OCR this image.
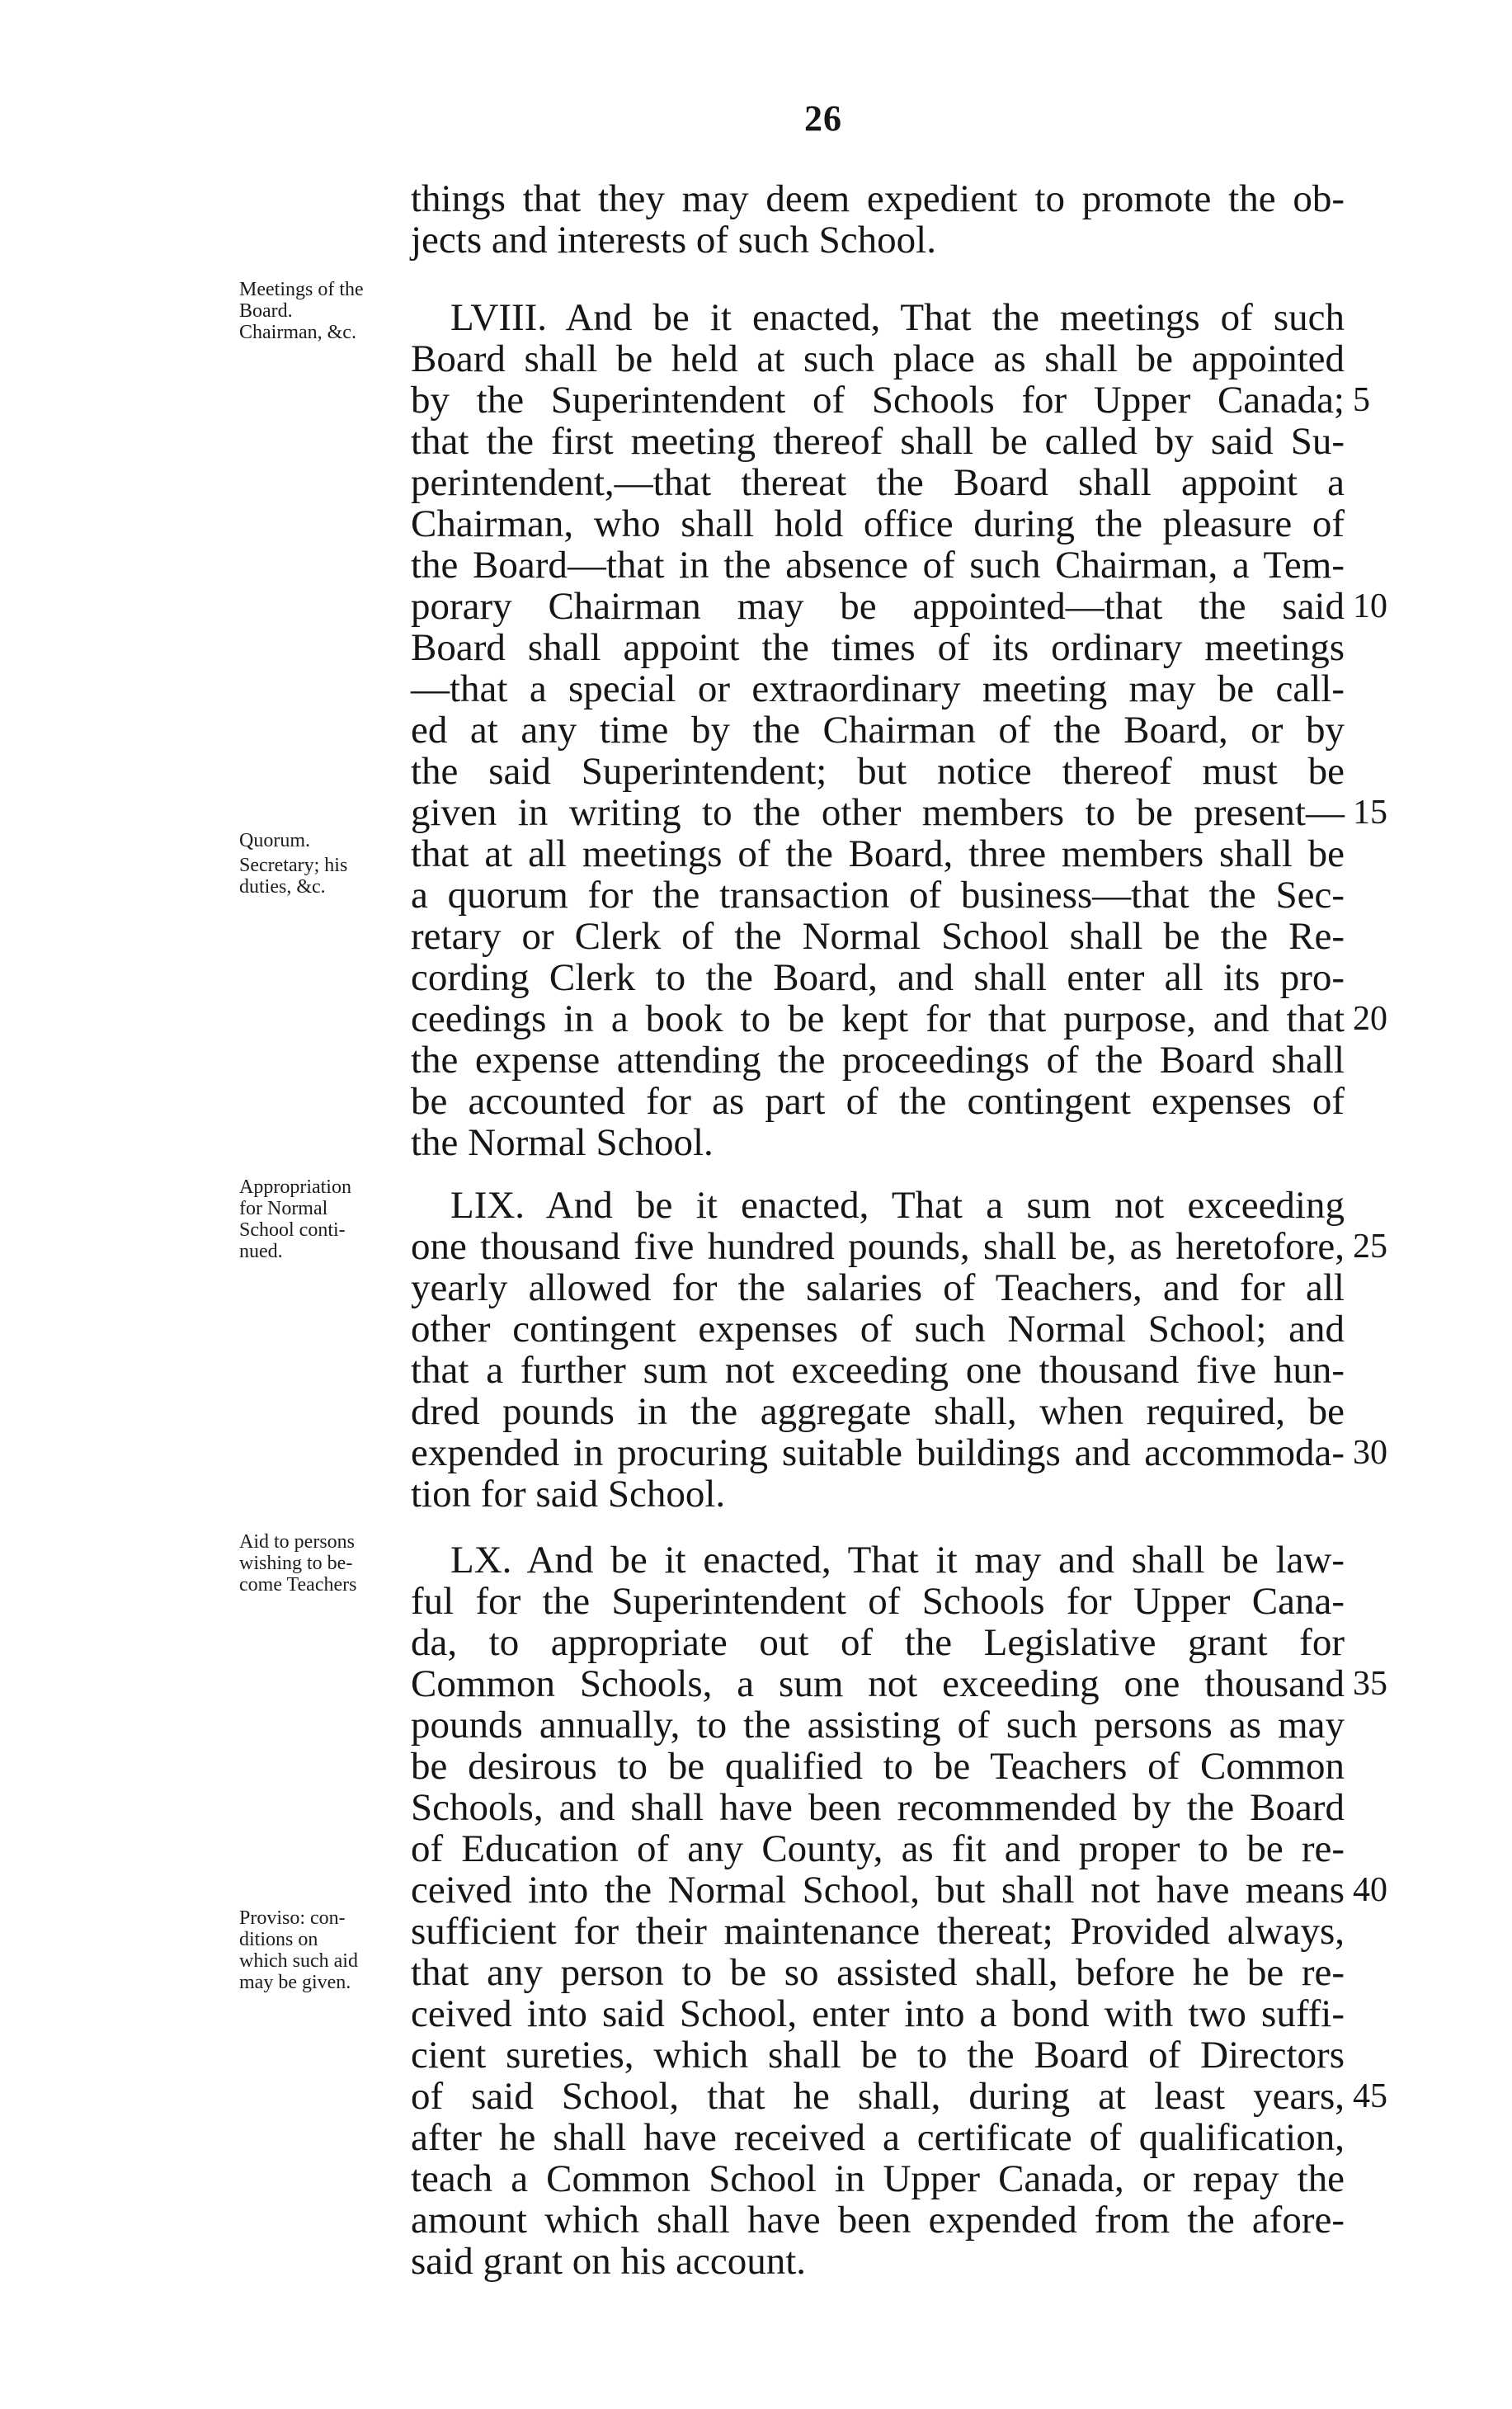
26
Meetings of the
Board.
Chairman, &c.
Quorum.
Secretary; his
duties, &c.
Appropriation
for Normal
School conti-
nued.
Aid to persons
wishing to be-
come Teachers
Proviso: con-
ditions on
which such aid
may be given.
things that they may deem expedient to promote the ob-
jects and interests of such School.
LVIII. And be it enacted, That the meetings of such
Board shall be held at such place as shall be appointed
by the Superintendent of Schools for Upper Canada;
that the first meeting thereof shall be called by said Su-
perintendent,—that thereat the Board shall appoint a
Chairman, who shall hold office during the pleasure of
the Board—that in the absence of such Chairman, a Tem-
porary Chairman may be appointed—that the said
Board shall appoint the times of its ordinary meetings
—that a special or extraordinary meeting may be call-
ed at any time by the Chairman of the Board, or by
the said Superintendent; but notice thereof must be
given in writing to the other members to be present—
that at all meetings of the Board, three members shall be
a quorum for the transaction of business—that the Sec-
retary or Clerk of the Normal School shall be the Re-
cording Clerk to the Board, and shall enter all its pro-
ceedings in a book to be kept for that purpose, and that
the expense attending the proceedings of the Board shall
be accounted for as part of the contingent expenses of
the Normal School.
LIX. And be it enacted, That a sum not exceeding
one thousand five hundred pounds, shall be, as heretofore,
yearly allowed for the salaries of Teachers, and for all
other contingent expenses of such Normal School; and
that a further sum not exceeding one thousand five hun-
dred pounds in the aggregate shall, when required, be
expended in procuring suitable buildings and accommoda-
tion for said School.
LX. And be it enacted, That it may and shall be law-
ful for the Superintendent of Schools for Upper Cana-
da, to appropriate out of the Legislative grant for
Common Schools, a sum not exceeding one thousand
pounds annually, to the assisting of such persons as may
be desirous to be qualified to be Teachers of Common
Schools, and shall have been recommended by the Board
of Education of any County, as fit and proper to be re-
ceived into the Normal School, but shall not have means
sufficient for their maintenance thereat; Provided always,
that any person to be so assisted shall, before he be re-
ceived into said School, enter into a bond with two suffi-
cient sureties, which shall be to the Board of Directors
of said School, that he shall, during at least years,
after he shall have received a certificate of qualification,
teach a Common School in Upper Canada, or repay the
amount which shall have been expended from the afore-
said grant on his account.
5
10
15
20
25
30
35
40
45
